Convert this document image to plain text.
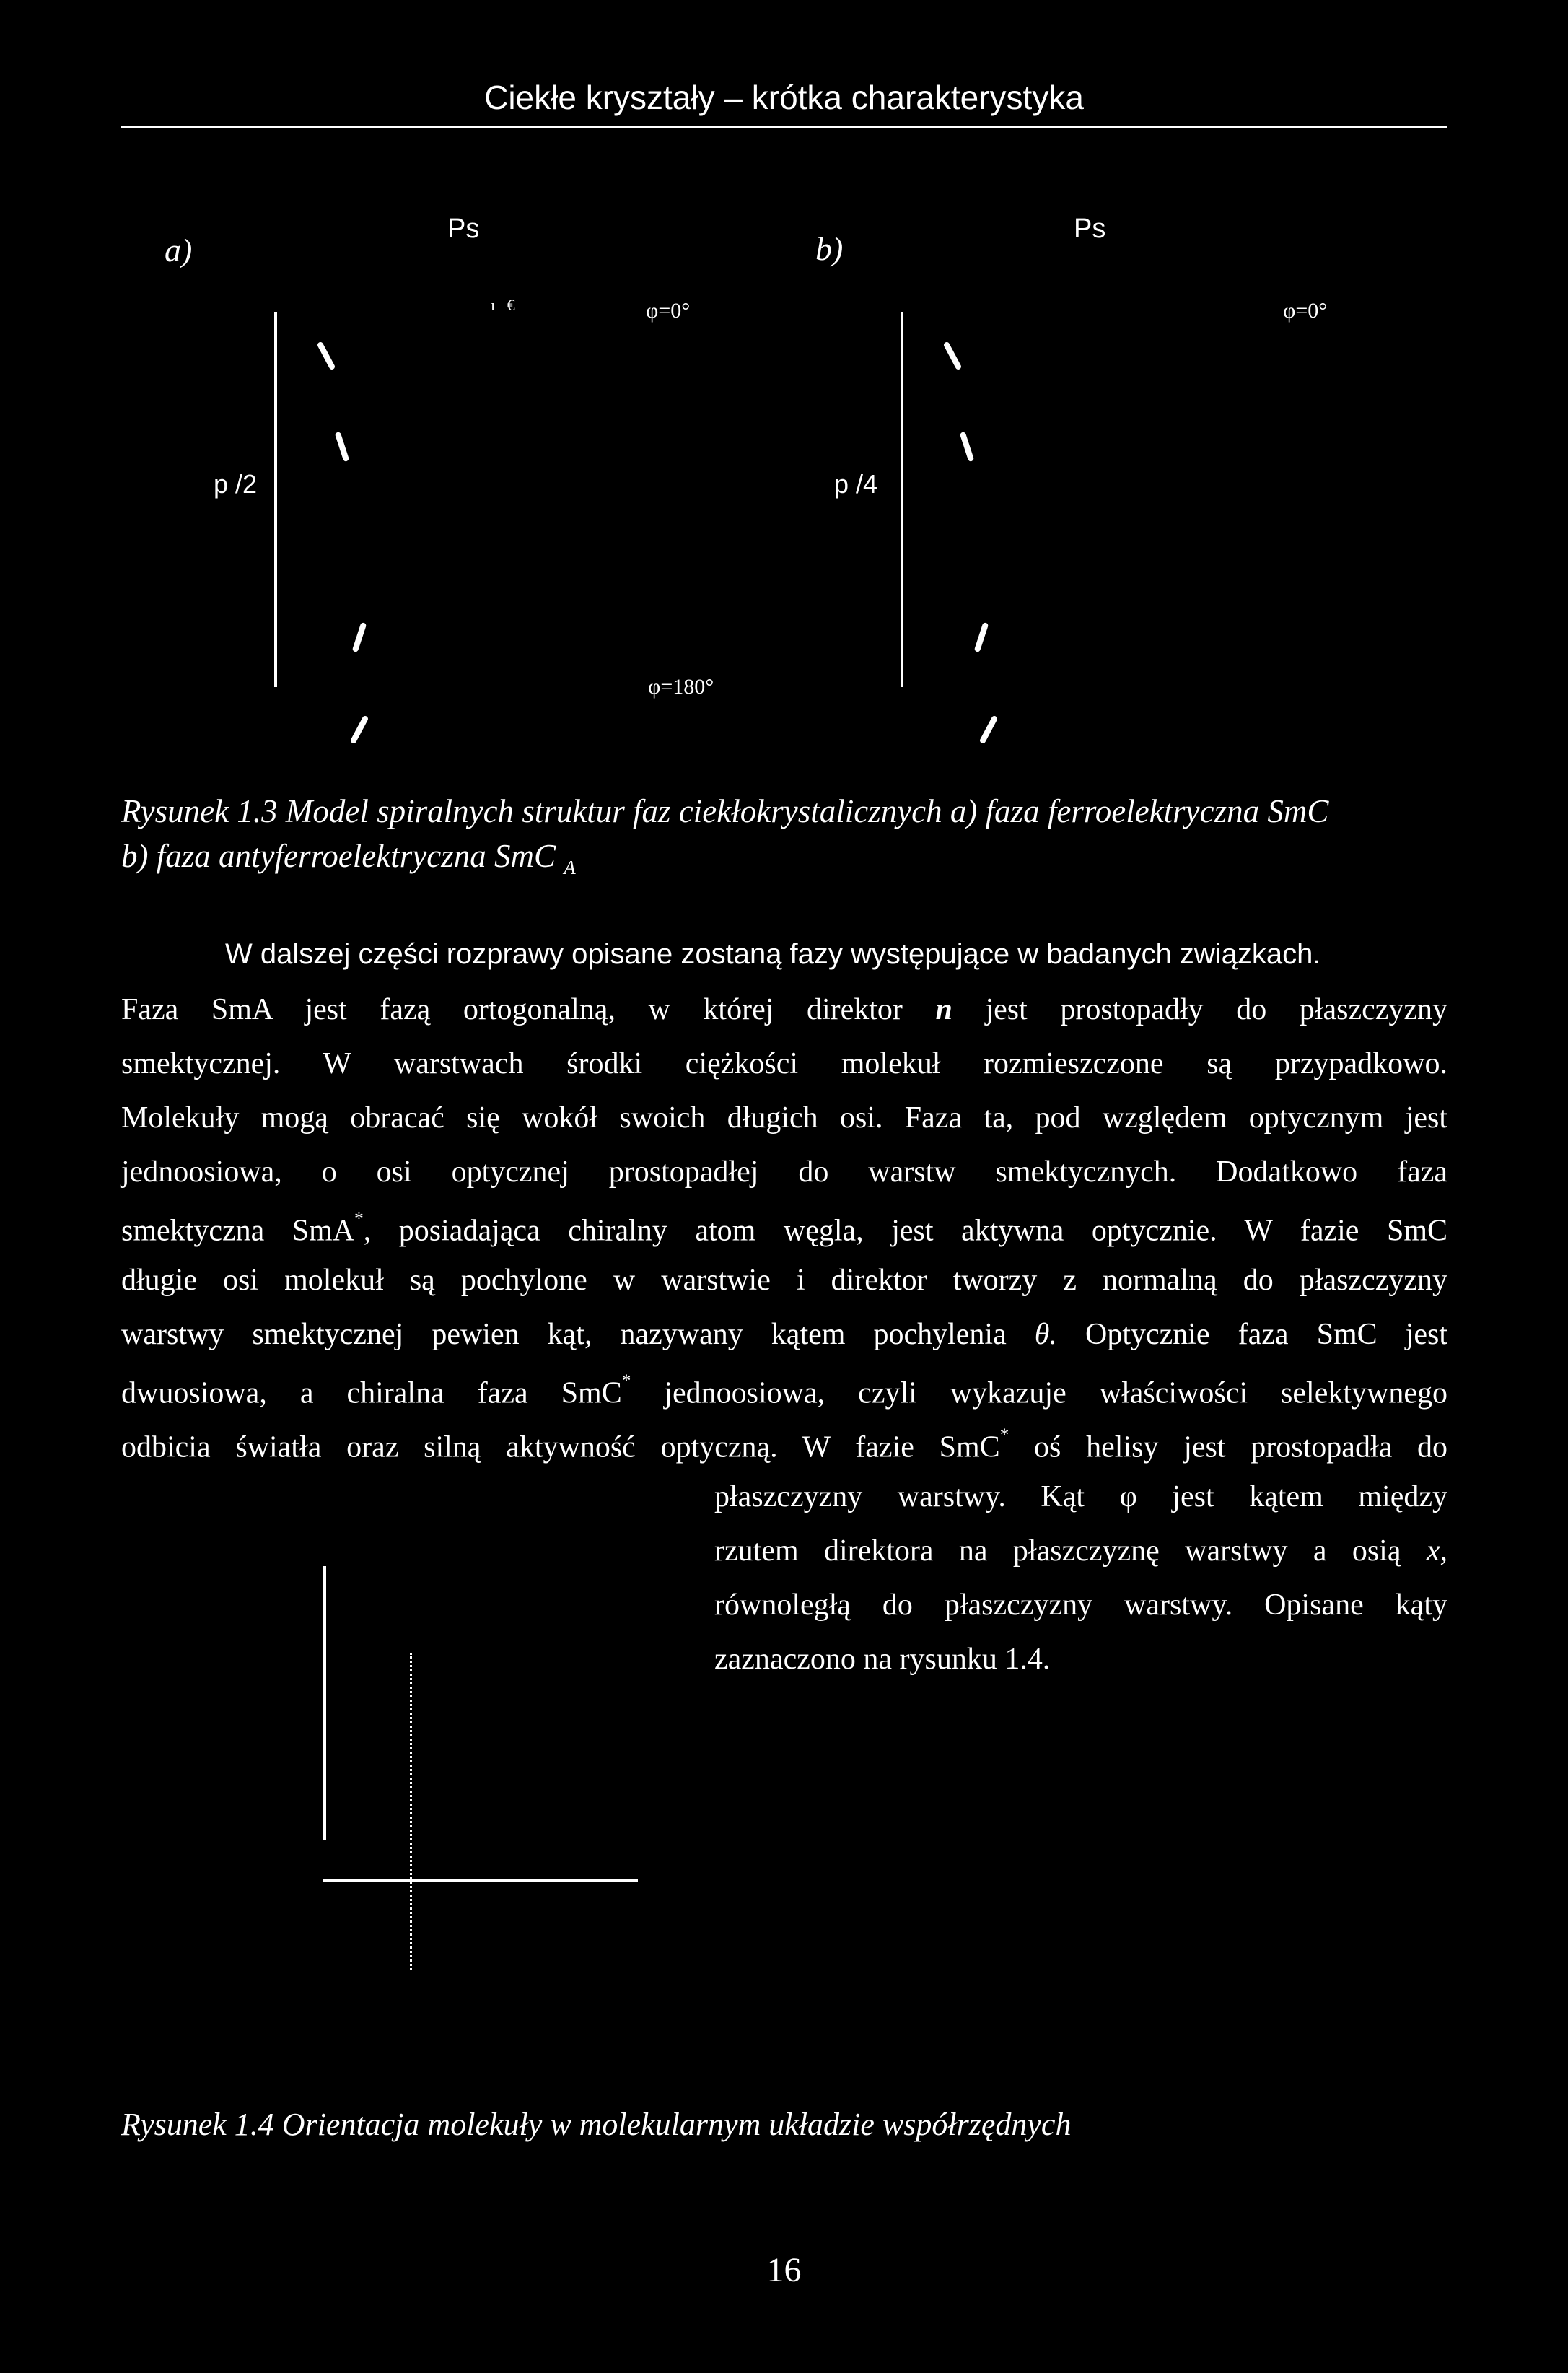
Ciekłe kryształy – krótka charakterystyka
a)	b)
Ps	Ps
φ=0°	φ=0°
φ=180°
p /2	p /4
ı   €
Rysunek 1.3 Model spiralnych struktur faz ciekłokrystalicznych a) faza ferroelektryczna SmC
b) faza antyferroelektryczna SmC $_A$
W dalszej części rozprawy opisane zostaną fazy występujące w badanych związkach.
Faza SmA jest fazą ortogonalną, w której direktor n jest prostopadły do płaszczyzny
smektycznej. W warstwach środki ciężkości molekuł rozmieszczone są przypadkowo.
Molekuły mogą obracać się wokół swoich długich osi. Faza ta, pod względem optycznym jest
jednoosiowa, o osi optycznej prostopadłej do warstw smektycznych. Dodatkowo faza
smektyczna SmA*, posiadająca chiralny atom węgla, jest aktywna optycznie. W fazie SmC
długie osi molekuł są pochylone w warstwie i direktor tworzy z normalną do płaszczyzny
warstwy smektycznej pewien kąt, nazywany kątem pochylenia θ. Optycznie faza SmC jest
dwuosiowa, a chiralna faza SmC* jednoosiowa, czyli wykazuje właściwości selektywnego
odbicia światła oraz silną aktywność optyczną. W fazie SmC* oś helisy jest prostopadła do
płaszczyzny warstwy. Kąt φ jest kątem między
rzutem direktora na płaszczyznę warstwy a osią x,
równoległą do płaszczyzny warstwy. Opisane kąty
zaznaczono na rysunku 1.4.
Rysunek 1.4 Orientacja molekuły w molekularnym układzie współrzędnych
16
